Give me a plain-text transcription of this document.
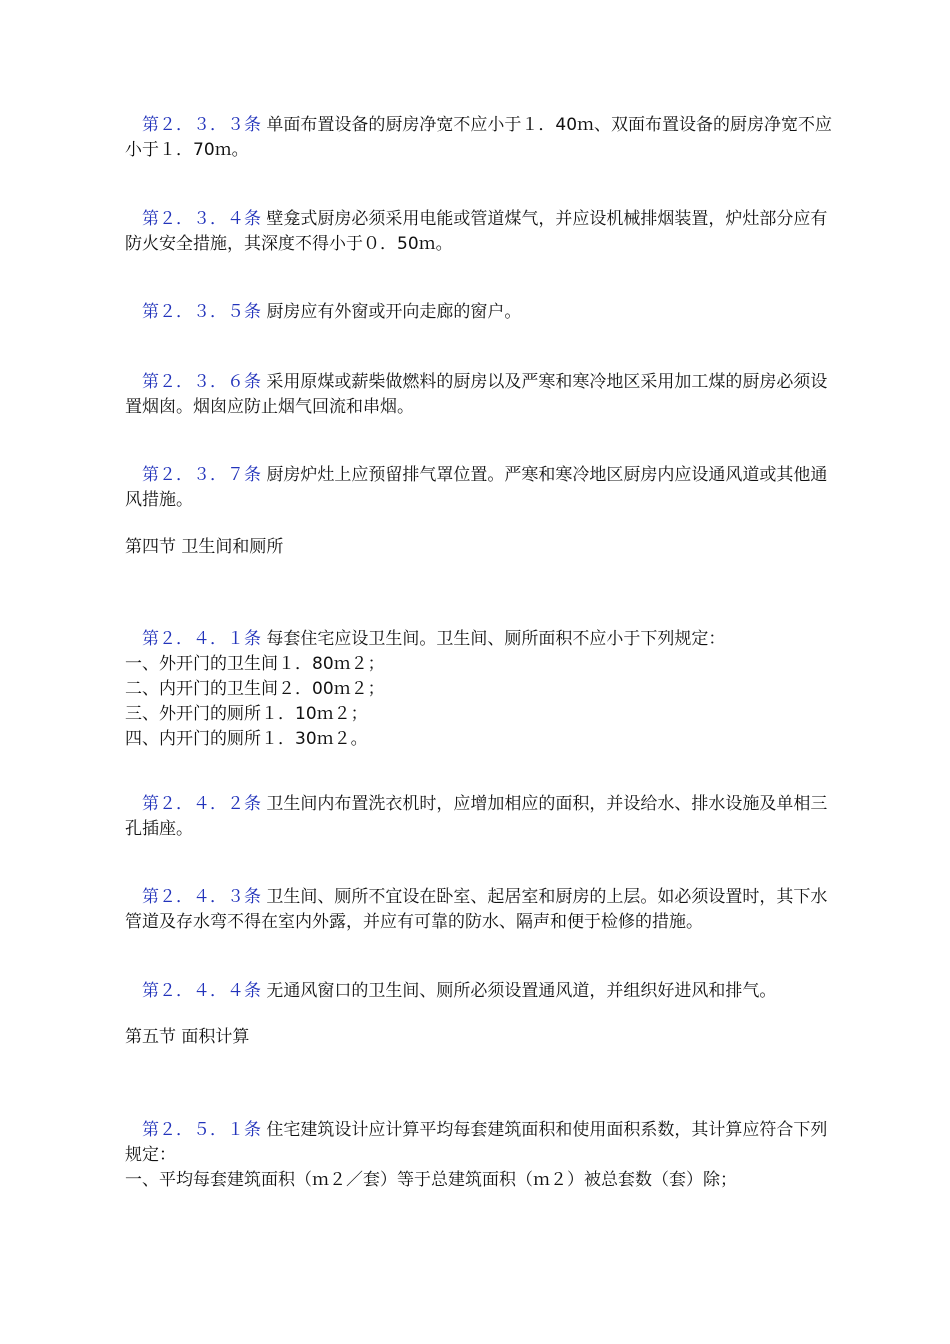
第２．３．３条 单面布置设备的厨房净宽不应小于１．40ｍ、双面布置设备的厨房净宽不应小于１．70ｍ。

第２．３．４条 壁龛式厨房必须采用电能或管道煤气，并应设机械排烟装置，炉灶部分应有防火安全措施，其深度不得小于０．50ｍ。

第２．３．５条 厨房应有外窗或开向走廊的窗户。

第２．３．６条 采用原煤或薪柴做燃料的厨房以及严寒和寒冷地区采用加工煤的厨房必须设置烟囱。烟囱应防止烟气回流和串烟。

第２．３．７条 厨房炉灶上应预留排气罩位置。严寒和寒冷地区厨房内应设通风道或其他通风措施。

第四节 卫生间和厕所

第２．４．１条 每套住宅应设卫生间。卫生间、厕所面积不应小于下列规定：

一、外开门的卫生间１．80ｍ２；

二、内开门的卫生间２．00ｍ２；

三、外开门的厕所１．10ｍ２；

四、内开门的厕所１．30ｍ２。

第２．４．２条 卫生间内布置洗衣机时，应增加相应的面积，并设给水、排水设施及单相三孔插座。

第２．４．３条 卫生间、厕所不宜设在卧室、起居室和厨房的上层。如必须设置时，其下水管道及存水弯不得在室内外露，并应有可靠的防水、隔声和便于检修的措施。

第２．４．４条 无通风窗口的卫生间、厕所必须设置通风道，并组织好进风和排气。

第五节 面积计算

第２．５．１条 住宅建筑设计应计算平均每套建筑面积和使用面积系数，其计算应符合下列规定：

一、平均每套建筑面积（ｍ２／套）等于总建筑面积（ｍ２）被总套数（套）除；
